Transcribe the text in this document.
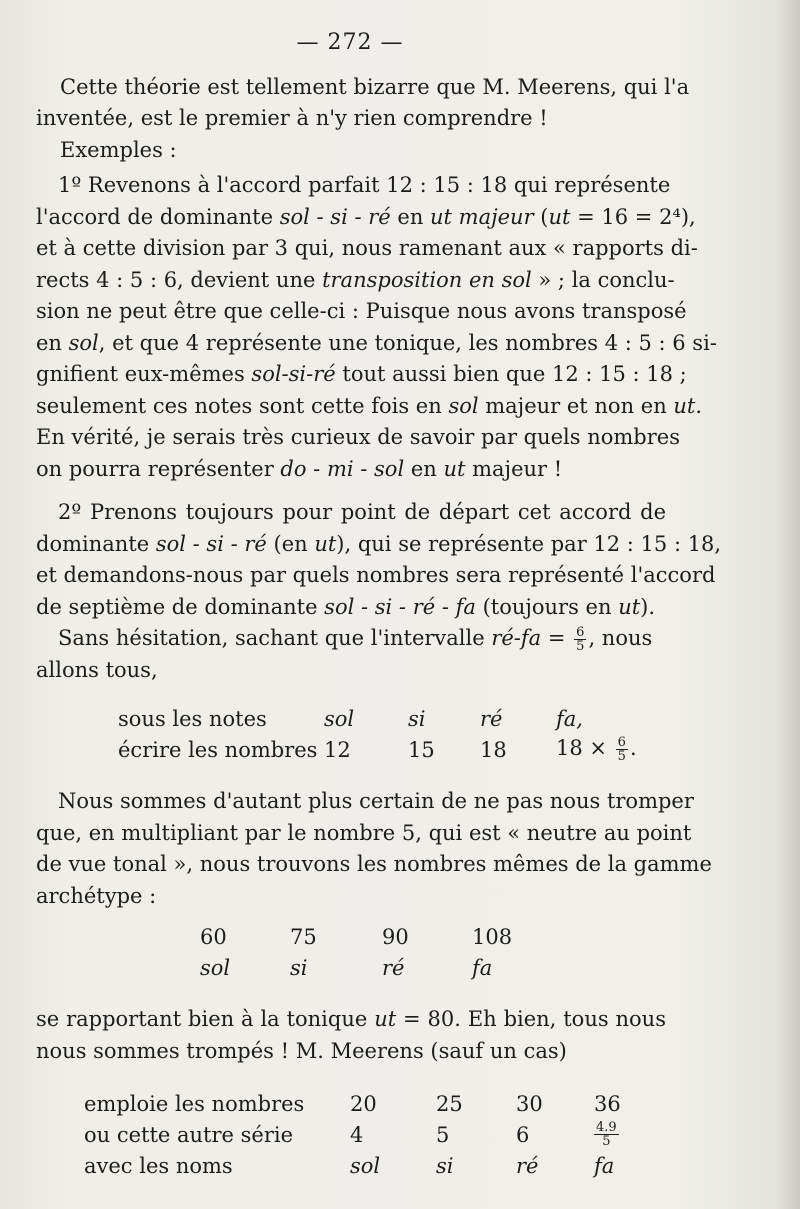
— 272 —
Cette théorie est tellement bizarre que M. Meerens, qui l'a
inventée, est le premier à n'y rien comprendre !
Exemples :
1º Revenons à l'accord parfait 12 : 15 : 18 qui représente
l'accord de dominante sol - si - ré en ut majeur (ut = 16 = 2⁴),
et à cette division par 3 qui, nous ramenant aux « rapports di-
rects 4 : 5 : 6, devient une transposition en sol » ; la conclu-
sion ne peut être que celle-ci : Puisque nous avons transposé
en sol, et que 4 représente une tonique, les nombres 4 : 5 : 6 si-
gnifient eux-mêmes sol-si-ré tout aussi bien que 12 : 15 : 18 ;
seulement ces notes sont cette fois en sol majeur et non en ut.
En vérité, je serais très curieux de savoir par quels nombres
on pourra représenter do - mi - sol en ut majeur !
2º Prenons toujours pour point de départ cet accord de
dominante sol - si - ré (en ut), qui se représente par 12 : 15 : 18,
et demandons-nous par quels nombres sera représenté l'accord
de septième de dominante sol - si - ré - fa (toujours en ut).
Sans hésitation, sachant que l'intervalle ré-fa = $\frac{6}{5}$ , nous
allons tous,
sous les notes	sol	si	ré	fa,
écrire les nombres	12	15	18	$18 \times \frac{6}{5}$ .
Nous sommes d'autant plus certain de ne pas nous tromper
que, en multipliant par le nombre 5, qui est « neutre au point
de vue tonal », nous trouvons les nombres mêmes de la gamme
archétype :
60	75	90	108
sol	si	ré	fa
se rapportant bien à la tonique ut = 80. Eh bien, tous nous
nous sommes trompés ! M. Meerens (sauf un cas)
emploie les nombres	20	25	30	36
ou cette autre série	4	5	6	$\frac{4.9}{5}$

avec les noms	sol	si	ré	fa
